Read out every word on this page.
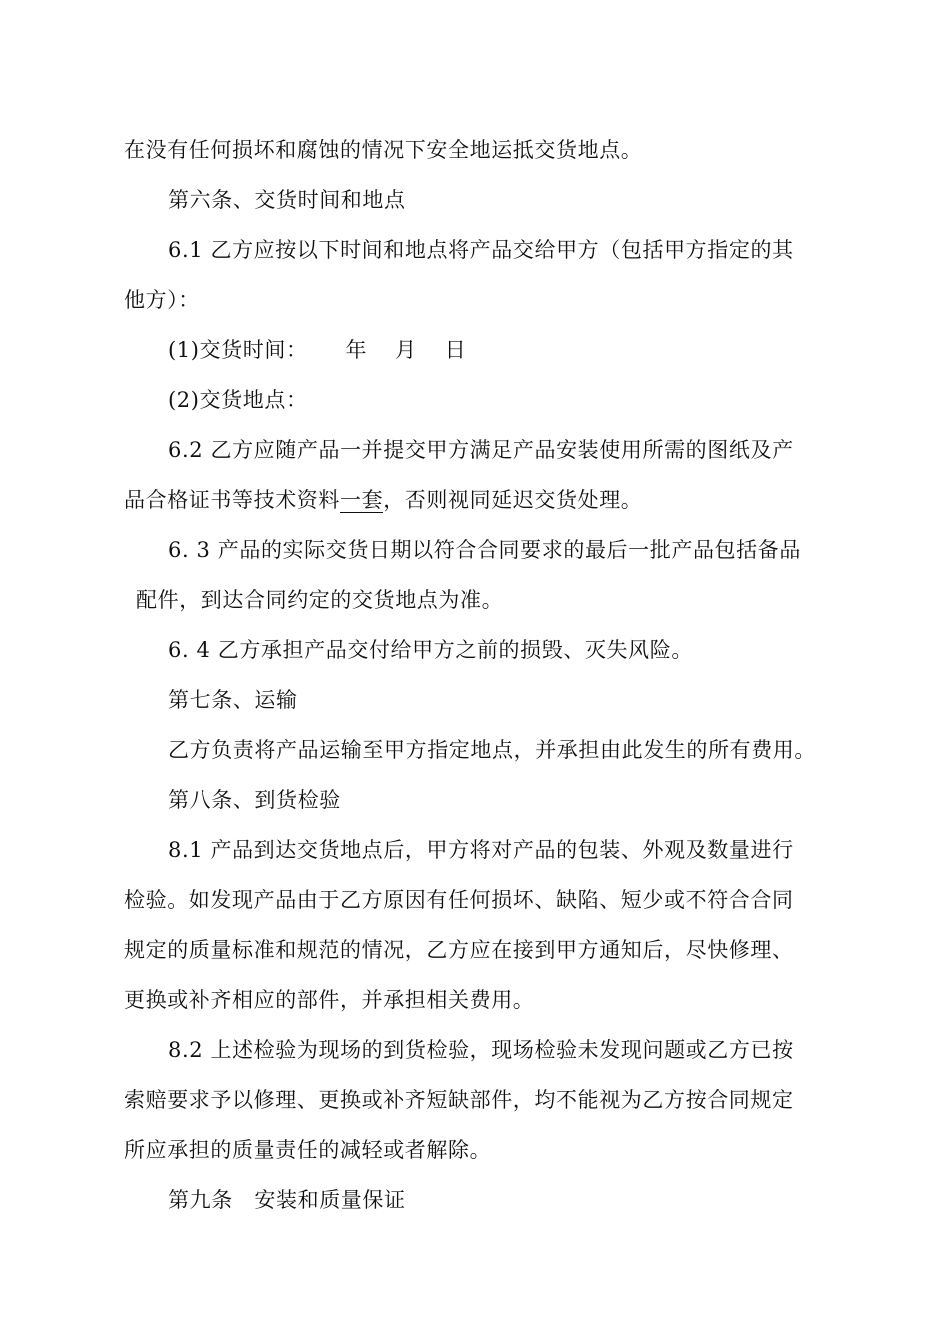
在没有任何损坏和腐蚀的情况下安全地运抵交货地点。
第六条、交货时间和地点
6.1 乙方应按以下时间和地点将产品交给甲方（包括甲方指定的其
他方）：
(1)交货时间： 年 月 日
(2)交货地点：
6.2 乙方应随产品一并提交甲方满足产品安装使用所需的图纸及产
品合格证书等技术资料一套，否则视同延迟交货处理。
6. 3 产品的实际交货日期以符合合同要求的最后一批产品包括备品
配件，到达合同约定的交货地点为准。
6. 4 乙方承担产品交付给甲方之前的损毁、灭失风险。
第七条、运输
乙方负责将产品运输至甲方指定地点，并承担由此发生的所有费用。
第八条、到货检验
8.1 产品到达交货地点后，甲方将对产品的包装、外观及数量进行
检验。如发现产品由于乙方原因有任何损坏、缺陷、短少或不符合合同
规定的质量标准和规范的情况，乙方应在接到甲方通知后，尽快修理、
更换或补齐相应的部件，并承担相关费用。
8.2 上述检验为现场的到货检验，现场检验未发现问题或乙方已按
索赔要求予以修理、更换或补齐短缺部件，均不能视为乙方按合同规定
所应承担的质量责任的减轻或者解除。
第九条　安装和质量保证
